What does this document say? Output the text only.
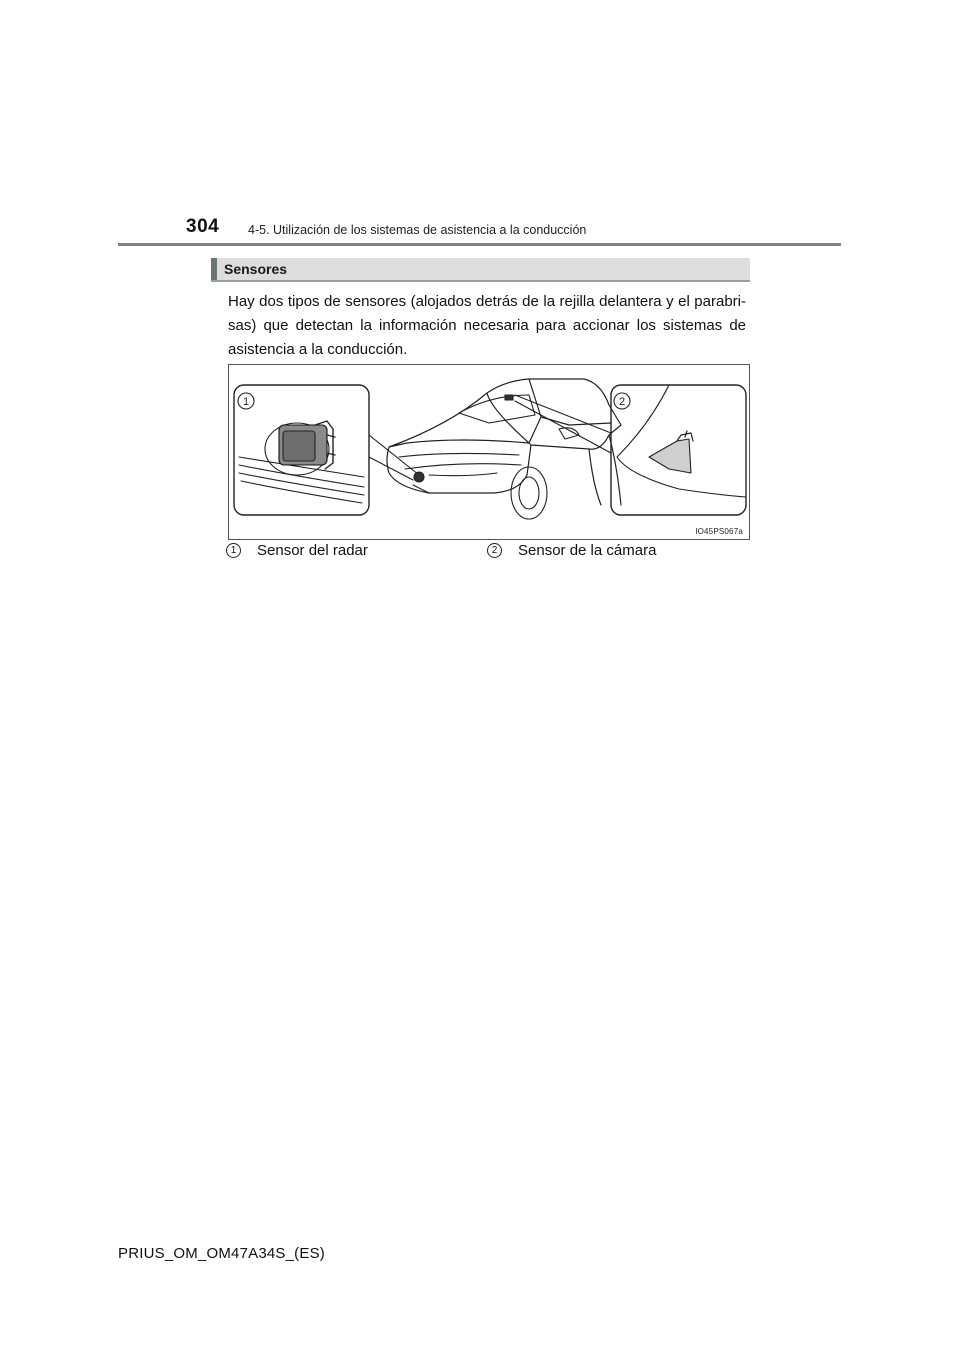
304 4-5. Utilización de los sistemas de asistencia a la conducción
Sensores
Hay dos tipos de sensores (alojados detrás de la rejilla delantera y el parabri-sas) que detectan la información necesaria para accionar los sistemas de asistencia a la conducción.
1	2
IO45PS067a
1	Sensor del radar	2	Sensor de la cámara
PRIUS_OM_OM47A34S_(ES)
